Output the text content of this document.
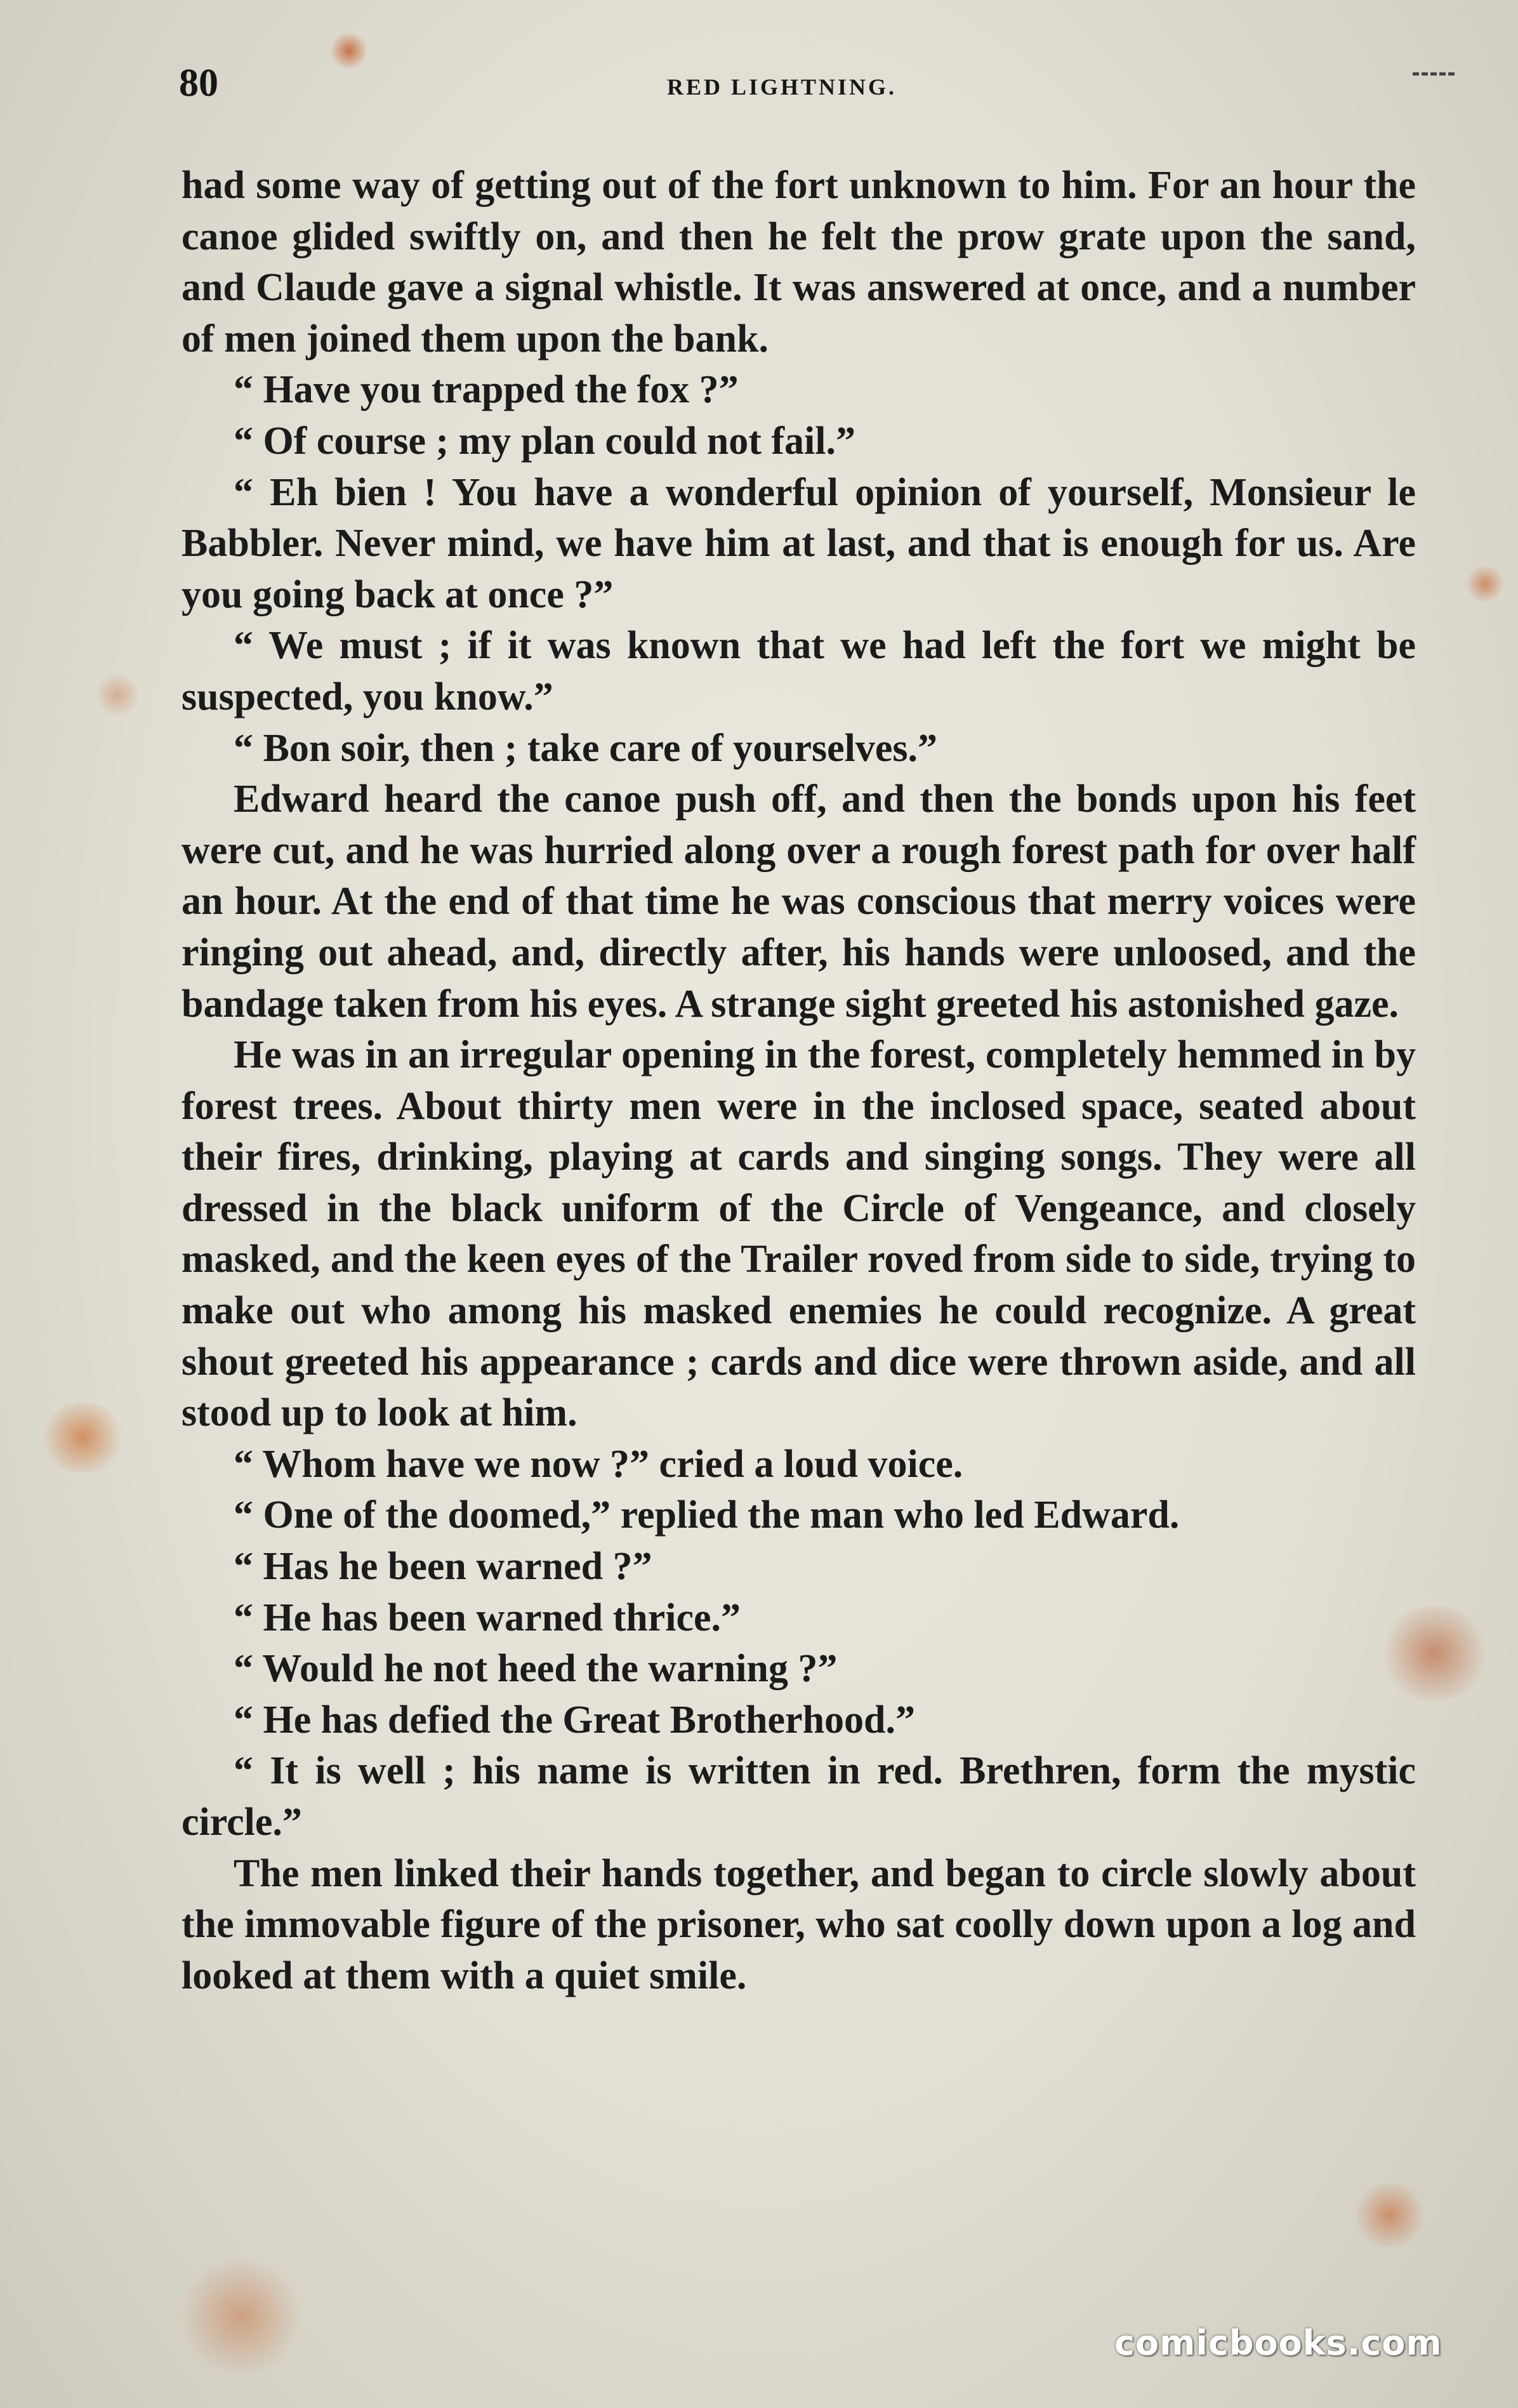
80	RED LIGHTNING.

had some way of getting out of the fort unknown to him. For an hour the canoe glided swiftly on, and then he felt the prow grate upon the sand, and Claude gave a signal whistle. It was answered at once, and a number of men joined them upon the bank.

“ Have you trapped the fox ?”

“ Of course ; my plan could not fail.”

“ Eh bien ! You have a wonderful opinion of yourself, Monsieur le Babbler. Never mind, we have him at last, and that is enough for us. Are you going back at once ?”

“ We must ; if it was known that we had left the fort we might be suspected, you know.”

“ Bon soir, then ; take care of yourselves.”

Edward heard the canoe push off, and then the bonds upon his feet were cut, and he was hurried along over a rough forest path for over half an hour. At the end of that time he was conscious that merry voices were ringing out ahead, and, directly after, his hands were unloosed, and the bandage taken from his eyes. A strange sight greeted his astonished gaze.

He was in an irregular opening in the forest, completely hemmed in by forest trees. About thirty men were in the inclosed space, seated about their fires, drinking, playing at cards and singing songs. They were all dressed in the black uniform of the Circle of Vengeance, and closely masked, and the keen eyes of the Trailer roved from side to side, trying to make out who among his masked enemies he could recognize. A great shout greeted his appearance ; cards and dice were thrown aside, and all stood up to look at him.

“ Whom have we now ?” cried a loud voice.

“ One of the doomed,” replied the man who led Edward.

“ Has he been warned ?”

“ He has been warned thrice.”

“ Would he not heed the warning ?”

“ He has defied the Great Brotherhood.”

“ It is well ; his name is written in red. Brethren, form the mystic circle.”

The men linked their hands together, and began to circle slowly about the immovable figure of the prisoner, who sat coolly down upon a log and looked at them with a quiet smile.

comicbooks.com
